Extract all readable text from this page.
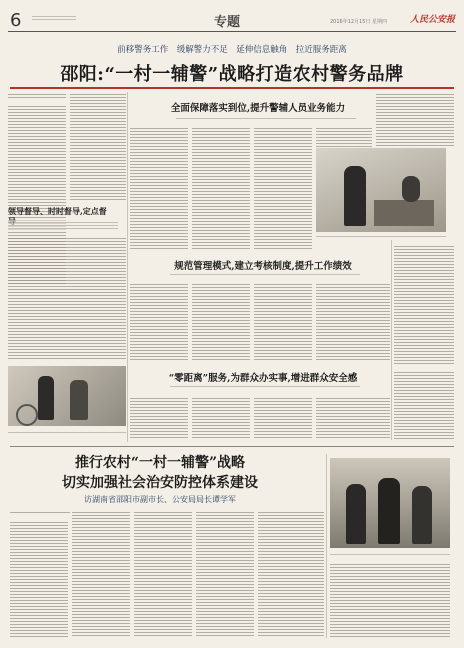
6	专题	2016年12月15日 星期四	人民公安报
前移警务工作　缓解警力不足　延伸信息触角　拉近服务距离
邵阳:“一村一辅警”战略打造农村警务品牌
领导督导、时时督导,定点督
全面保障落实到位,提升警辅人员业务能力
规范管理模式,建立考核制度,提升工作绩效
“零距离”服务,为群众办实事,增进群众安全感
推行农村“一村一辅警”战略
切实加强社会治安防控体系建设
访湖南省邵阳市副市长、公安局局长谭学军
